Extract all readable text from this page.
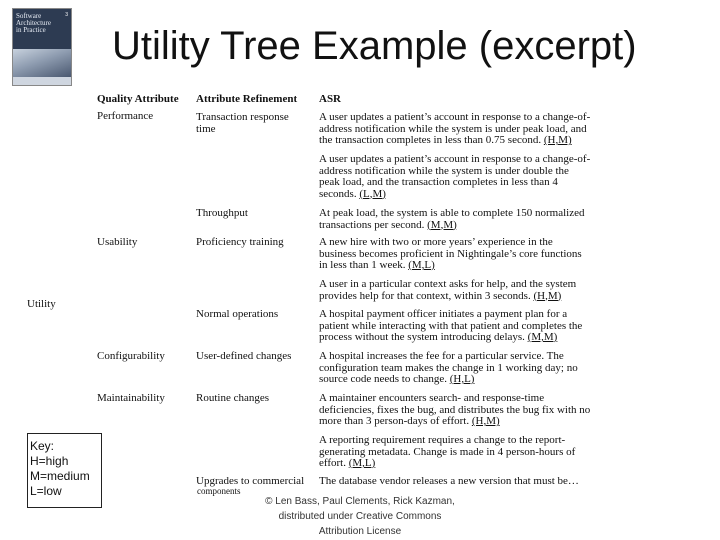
Software Architecture in Practice
3
Utility Tree Example (excerpt)
Quality Attribute Attribute Refinement ASR
Utility
Performance
Usability
Configurability
Maintainability
Transaction response time
Throughput
Proficiency training
Normal operations
User-defined changes
Routine changes
Upgrades to commercial
components
A user updates a patient’s account in response to a change-of-address notification while the system is under peak load, and the transaction completes in less than 0.75 second. (H,M)
A user updates a patient’s account in response to a change-of-address notification while the system is under double the peak load, and the transaction completes in less than 4 seconds. (L,M)
At peak load, the system is able to complete 150 normalized transactions per second. (M,M)
A new hire with two or more years’ experience in the business becomes proficient in Nightingale’s core functions in less than 1 week. (M,L)
A user in a particular context asks for help, and the system provides help for that context, within 3 seconds. (H,M)
A hospital payment officer initiates a payment plan for a patient while interacting with that patient and completes the process without the system introducing delays. (M,M)
A hospital increases the fee for a particular service. The configuration team makes the change in 1 working day; no source code needs to change. (H,L)
A maintainer encounters search- and response-time deficiencies, fixes the bug, and distributes the bug fix with no more than 3 person-days of effort. (H,M)
A reporting requirement requires a change to the report-generating metadata. Change is made in 4 person-hours of effort. (M,L)
The database vendor releases a new version that must be…
Key:
H=high
M=medium
L=low
© Len Bass, Paul Clements, Rick Kazman,
distributed under Creative Commons
Attribution License
